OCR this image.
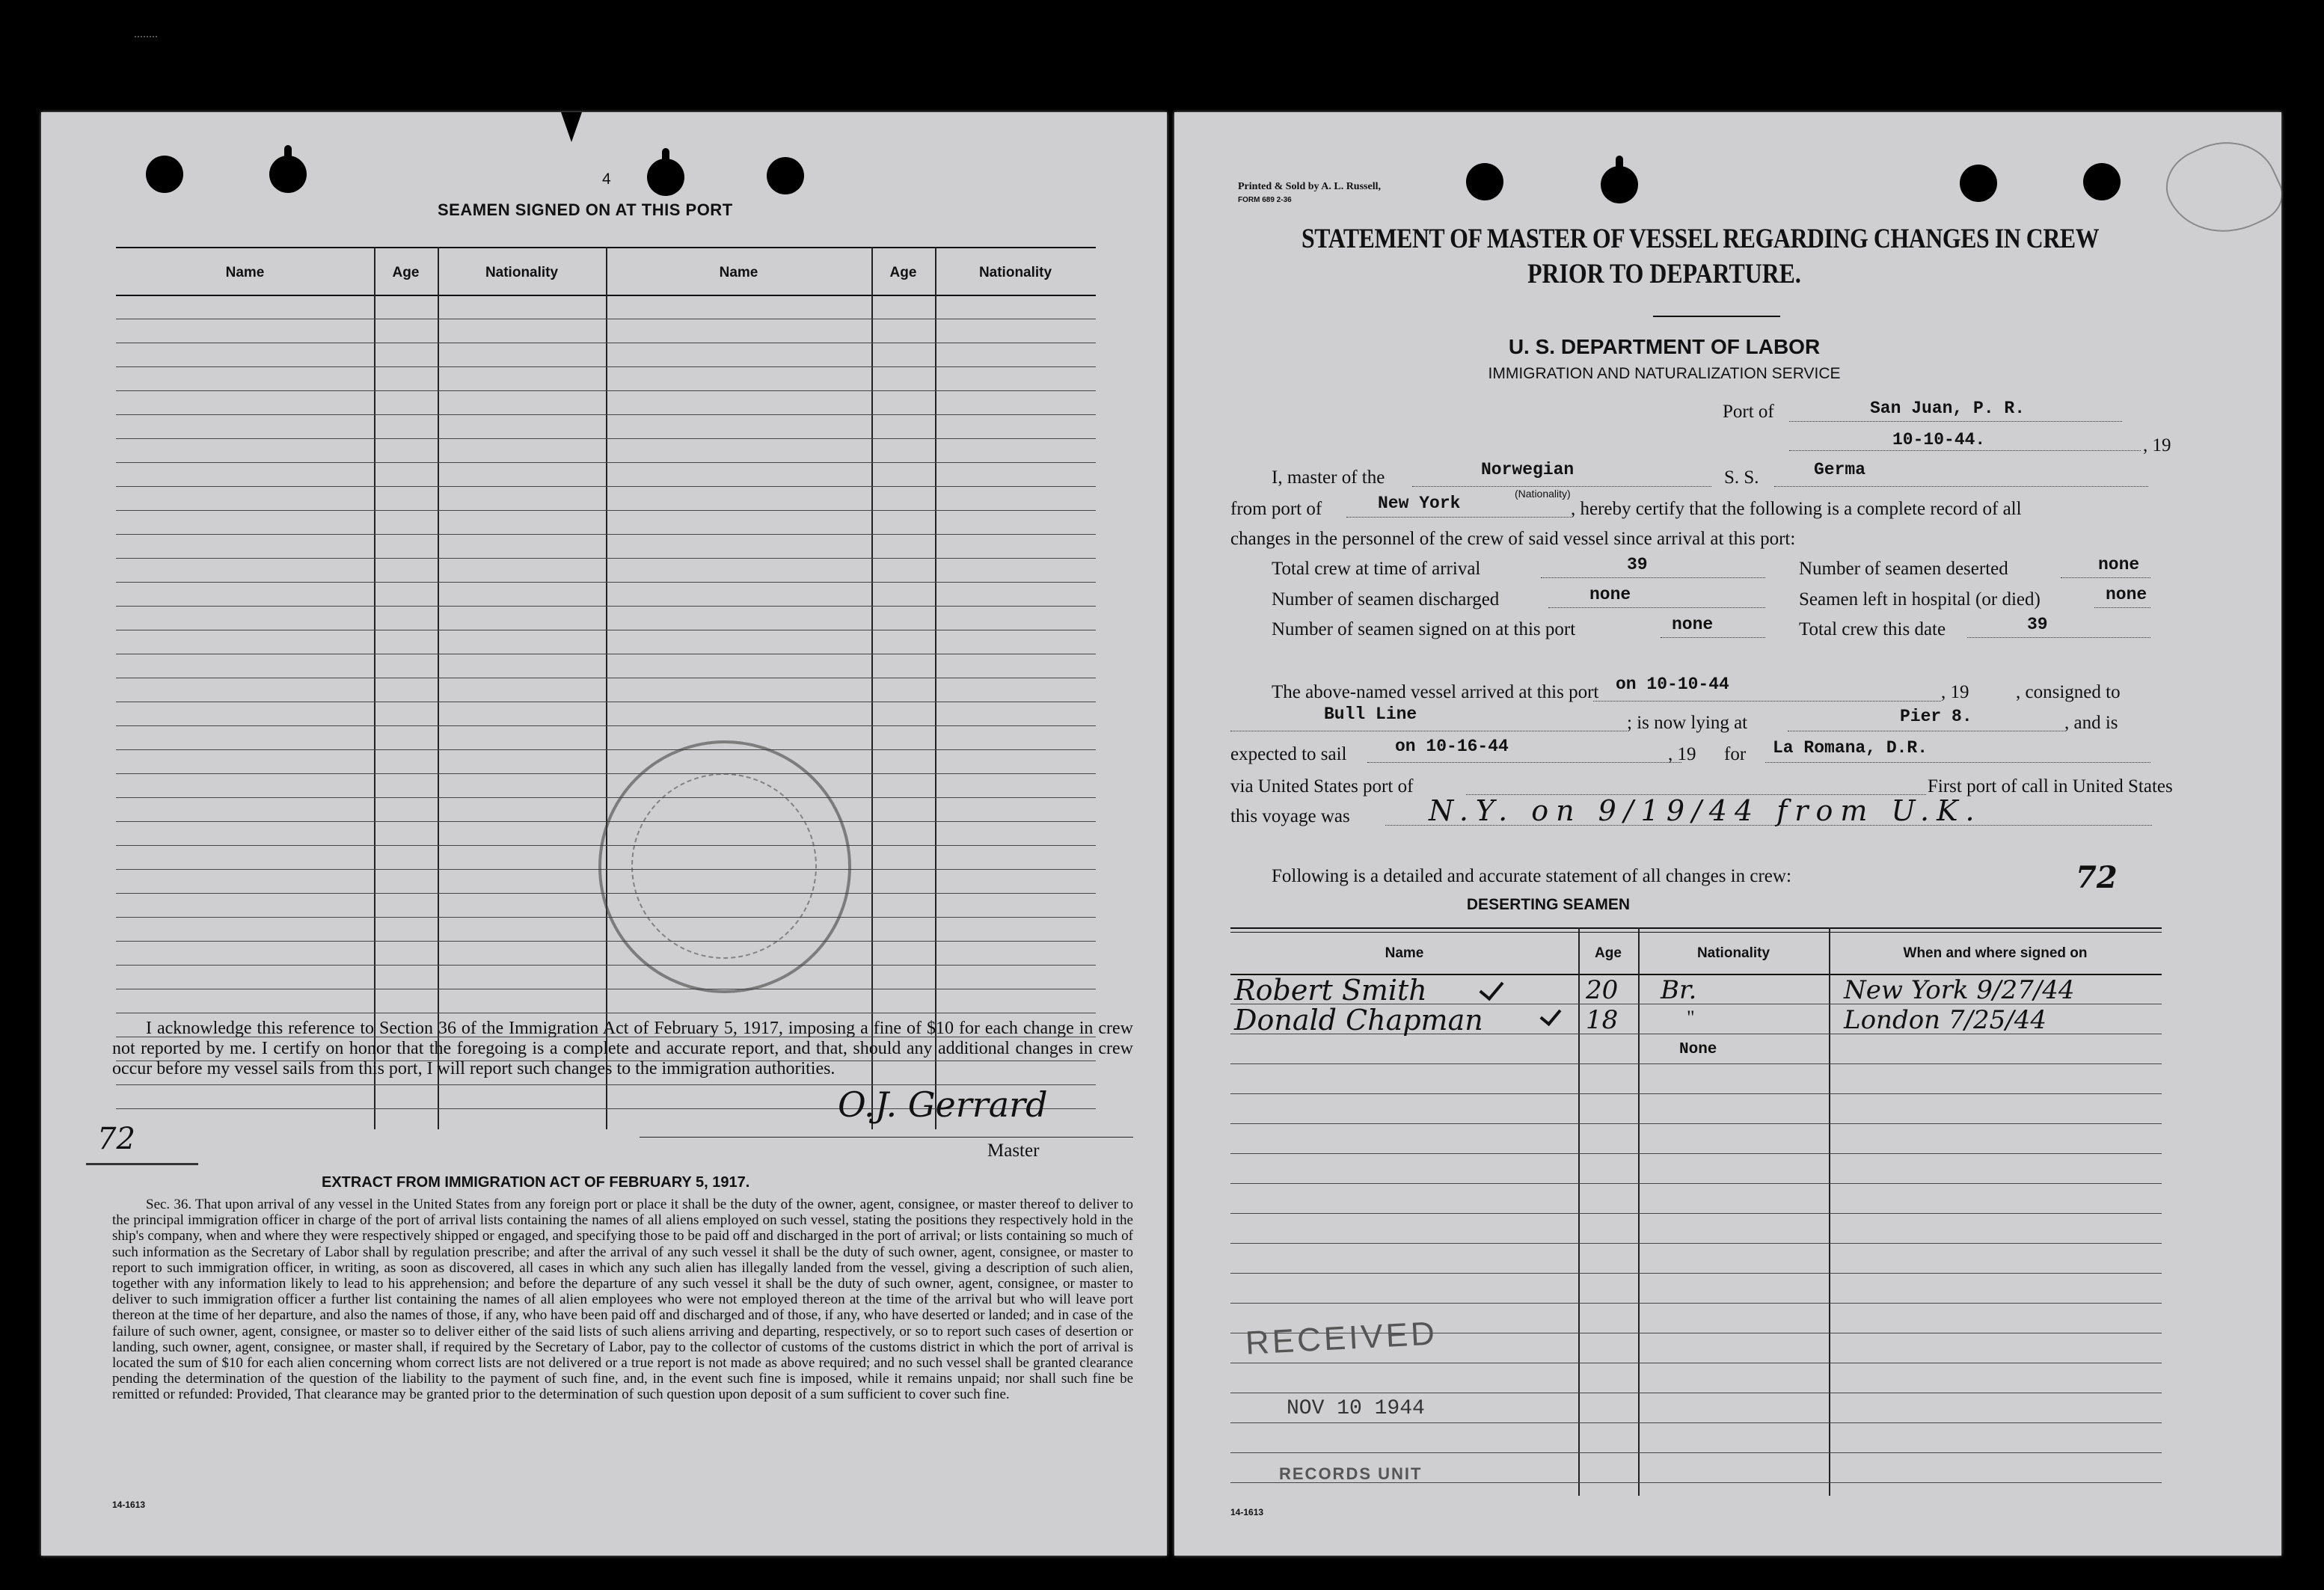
4
SEAMEN SIGNED ON AT THIS PORT
Name	Age	Nationality	Name	Age	Nationality
I acknowledge this reference to Section 36 of the Immigration Act of February 5, 1917, imposing a fine of $10 for each change in crew not reported by me. I certify on honor that the foregoing is a complete and accurate report, and that, should any additional changes in crew occur before my vessel sails from this port, I will report such changes to the immigration authorities.
O.J. Gerrard
Master
72
EXTRACT FROM IMMIGRATION ACT OF FEBRUARY 5, 1917.
Sec. 36. That upon arrival of any vessel in the United States from any foreign port or place it shall be the duty of the owner, agent, consignee, or master thereof to deliver to the principal immigration officer in charge of the port of arrival lists containing the names of all aliens employed on such vessel, stating the positions they respectively hold in the ship's company, when and where they were respectively shipped or engaged, and specifying those to be paid off and discharged in the port of arrival; or lists containing so much of such information as the Secretary of Labor shall by regulation prescribe; and after the arrival of any such vessel it shall be the duty of such owner, agent, consignee, or master to report to such immigration officer, in writing, as soon as discovered, all cases in which any such alien has illegally landed from the vessel, giving a description of such alien, together with any information likely to lead to his apprehension; and before the departure of any such vessel it shall be the duty of such owner, agent, consignee, or master to deliver to such immigration officer a further list containing the names of all alien employees who were not employed thereon at the time of the arrival but who will leave port thereon at the time of her departure, and also the names of those, if any, who have been paid off and discharged and of those, if any, who have deserted or landed; and in case of the failure of such owner, agent, consignee, or master so to deliver either of the said lists of such aliens arriving and departing, respectively, or so to report such cases of desertion or landing, such owner, agent, consignee, or master shall, if required by the Secretary of Labor, pay to the collector of customs of the customs district in which the port of arrival is located the sum of $10 for each alien concerning whom correct lists are not delivered or a true report is not made as above required; and no such vessel shall be granted clearance pending the determination of the question of the liability to the payment of such fine, and, in the event such fine is imposed, while it remains unpaid; nor shall such fine be remitted or refunded: Provided, That clearance may be granted prior to the determination of such question upon deposit of a sum sufficient to cover such fine.
14-1613
Printed & Sold by A. L. Russell,
FORM 689 2-36
STATEMENT OF MASTER OF VESSEL REGARDING CHANGES IN CREW
PRIOR TO DEPARTURE.
U. S. DEPARTMENT OF LABOR
IMMIGRATION AND NATURALIZATION SERVICE
Port of	San Juan, P. R.
10-10-44.	, 19
I, master of the	Norwegian
(Nationality)
S. S.	Germa
from port of	New York	, hereby certify that the following is a complete record of all
changes in the personnel of the crew of said vessel since arrival at this port:
Total crew at time of arrival	39	Number of seamen deserted	none
Number of seamen discharged	none	Seamen left in hospital (or died)	none
Number of seamen signed on at this port	none	Total crew this date	39
The above-named vessel arrived at this port on 10-10-44	, 19	, consigned to
Bull Line	; is now lying at	Pier 8.	, and is
expected to sail	on 10-16-44	, 19 for La Romana, D.R.
via United States port of	First port of call in United States
this voyage was	N.Y. on 9/19/44 from U.K.
Following is a detailed and accurate statement of all changes in crew:	72
DESERTING SEAMEN
Name	Age	Nationality	When and where signed on
Robert Smith	20 Br.	New York 9/27/44
Donald Chapman	18	"	London 7/25/44
None
RECEIVED
NOV 10 1944
RECORDS UNIT
14-1613
